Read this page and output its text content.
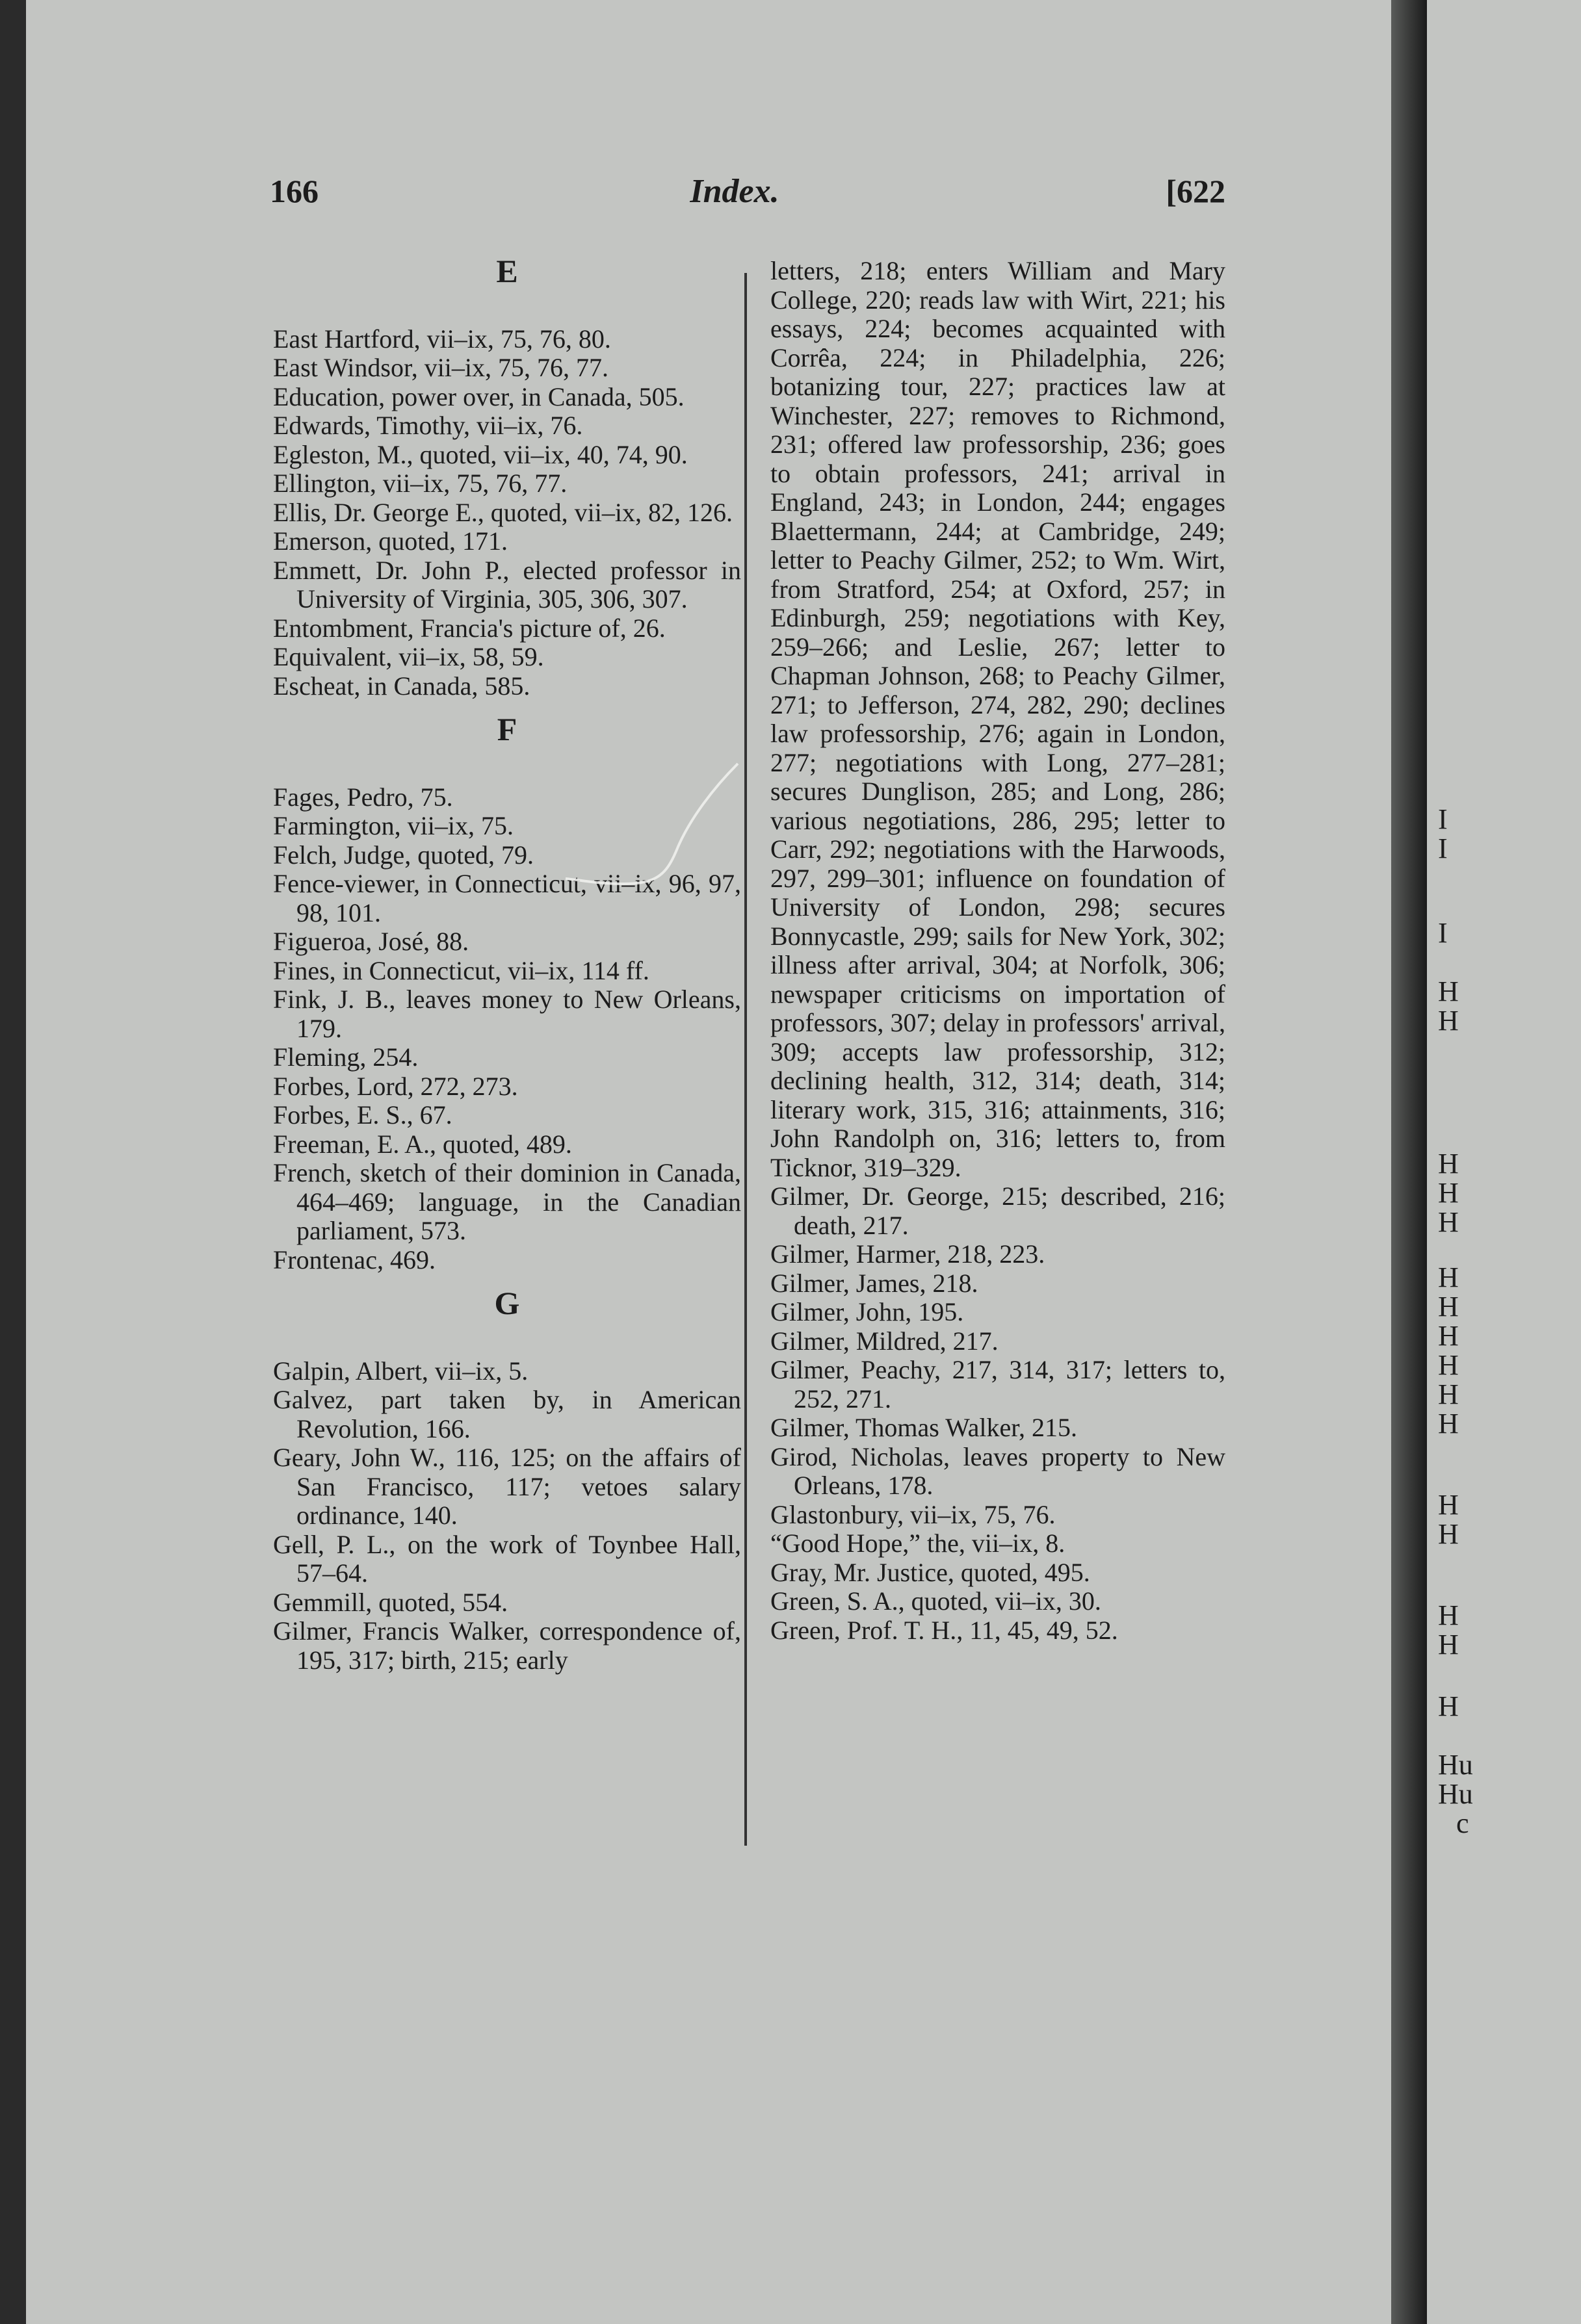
166	Index.	[622
E
East Hartford, vii–ix, 75, 76, 80.
East Windsor, vii–ix, 75, 76, 77.
Education, power over, in Canada, 505.
Edwards, Timothy, vii–ix, 76.
Egleston, M., quoted, vii–ix, 40, 74, 90.
Ellington, vii–ix, 75, 76, 77.
Ellis, Dr. George E., quoted, vii–ix, 82, 126.
Emerson, quoted, 171.
Emmett, Dr. John P., elected professor in University of Virginia, 305, 306, 307.
Entombment, Francia's picture of, 26.
Equivalent, vii–ix, 58, 59.
Escheat, in Canada, 585.
F
Fages, Pedro, 75.
Farmington, vii–ix, 75.
Felch, Judge, quoted, 79.
Fence-viewer, in Connecticut, vii–ix, 96, 97, 98, 101.
Figueroa, José, 88.
Fines, in Connecticut, vii–ix, 114 ff.
Fink, J. B., leaves money to New Orleans, 179.
Fleming, 254.
Forbes, Lord, 272, 273.
Forbes, E. S., 67.
Freeman, E. A., quoted, 489.
French, sketch of their dominion in Canada, 464–469; language, in the Canadian parliament, 573.
Frontenac, 469.
G
Galpin, Albert, vii–ix, 5.
Galvez, part taken by, in American Revolution, 166.
Geary, John W., 116, 125; on the affairs of San Francisco, 117; vetoes salary ordinance, 140.
Gell, P. L., on the work of Toynbee Hall, 57–64.
Gemmill, quoted, 554.
Gilmer, Francis Walker, correspondence of, 195, 317; birth, 215; early
letters, 218; enters William and Mary College, 220; reads law with Wirt, 221; his essays, 224; becomes acquainted with Corrêa, 224; in Philadelphia, 226; botanizing tour, 227; practices law at Winchester, 227; removes to Richmond, 231; offered law professorship, 236; goes to obtain professors, 241; arrival in England, 243; in London, 244; engages Blaettermann, 244; at Cambridge, 249; letter to Peachy Gilmer, 252; to Wm. Wirt, from Stratford, 254; at Oxford, 257; in Edinburgh, 259; negotiations with Key, 259–266; and Leslie, 267; letter to Chapman Johnson, 268; to Peachy Gilmer, 271; to Jefferson, 274, 282, 290; declines law professorship, 276; again in London, 277; negotiations with Long, 277–281; secures Dunglison, 285; and Long, 286; various negotiations, 286, 295; letter to Carr, 292; negotiations with the Harwoods, 297, 299–301; influence on foundation of University of London, 298; secures Bonnycastle, 299; sails for New York, 302; illness after arrival, 304; at Norfolk, 306; newspaper criticisms on importation of professors, 307; delay in professors' arrival, 309; accepts law professorship, 312; declining health, 312, 314; death, 314; literary work, 315, 316; attainments, 316; John Randolph on, 316; letters to, from Ticknor, 319–329.
Gilmer, Dr. George, 215; described, 216; death, 217.
Gilmer, Harmer, 218, 223.
Gilmer, James, 218.
Gilmer, John, 195.
Gilmer, Mildred, 217.
Gilmer, Peachy, 217, 314, 317; letters to, 252, 271.
Gilmer, Thomas Walker, 215.
Girod, Nicholas, leaves property to New Orleans, 178.
Glastonbury, vii–ix, 75, 76.
“Good Hope,” the, vii–ix, 8.
Gray, Mr. Justice, quoted, 495.
Green, S. A., quoted, vii–ix, 30.
Green, Prof. T. H., 11, 45, 49, 52.
I
I
I
H
H
H
H
H
H
H
H
H
H
H
H
H
H
H
H
Hu
Hu
c
